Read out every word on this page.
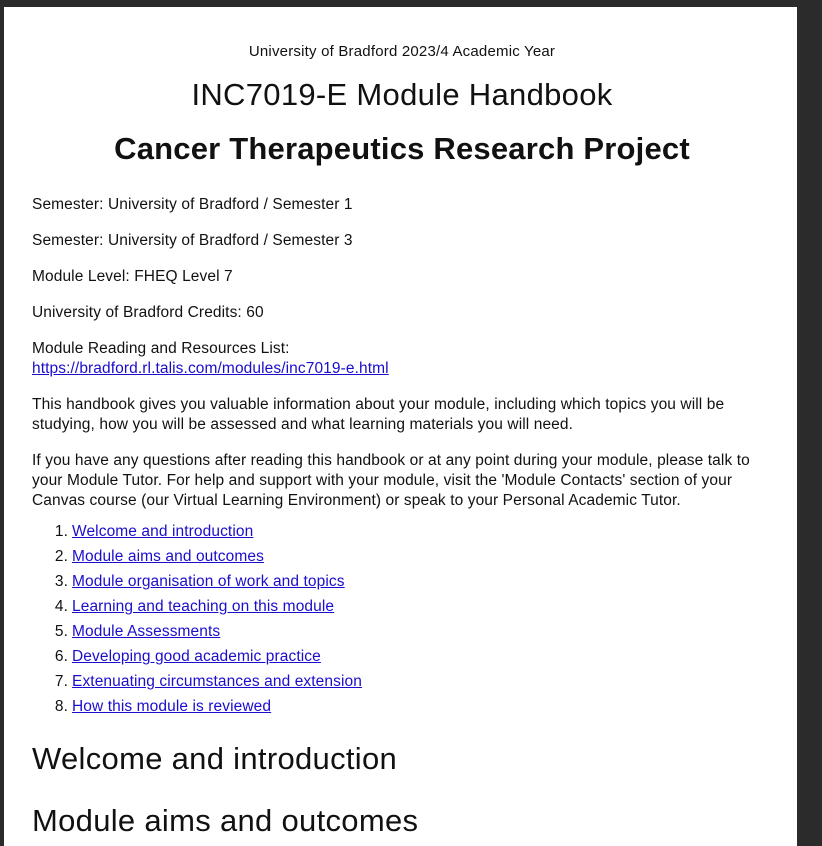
University of Bradford 2023/4 Academic Year
INC7019-E Module Handbook
Cancer Therapeutics Research Project
Semester: University of Bradford / Semester 1
Semester: University of Bradford / Semester 3
Module Level: FHEQ Level 7
University of Bradford Credits: 60
Module Reading and Resources List:
https://bradford.rl.talis.com/modules/inc7019-e.html
This handbook gives you valuable information about your module, including which topics you will be
studying, how you will be assessed and what learning materials you will need.
If you have any questions after reading this handbook or at any point during your module, please talk to
your Module Tutor. For help and support with your module, visit the 'Module Contacts' section of your
Canvas course (our Virtual Learning Environment) or speak to your Personal Academic Tutor.
1. Welcome and introduction
2. Module aims and outcomes
3. Module organisation of work and topics
4. Learning and teaching on this module
5. Module Assessments
6. Developing good academic practice
7. Extenuating circumstances and extension
8. How this module is reviewed
Welcome and introduction
Module aims and outcomes
